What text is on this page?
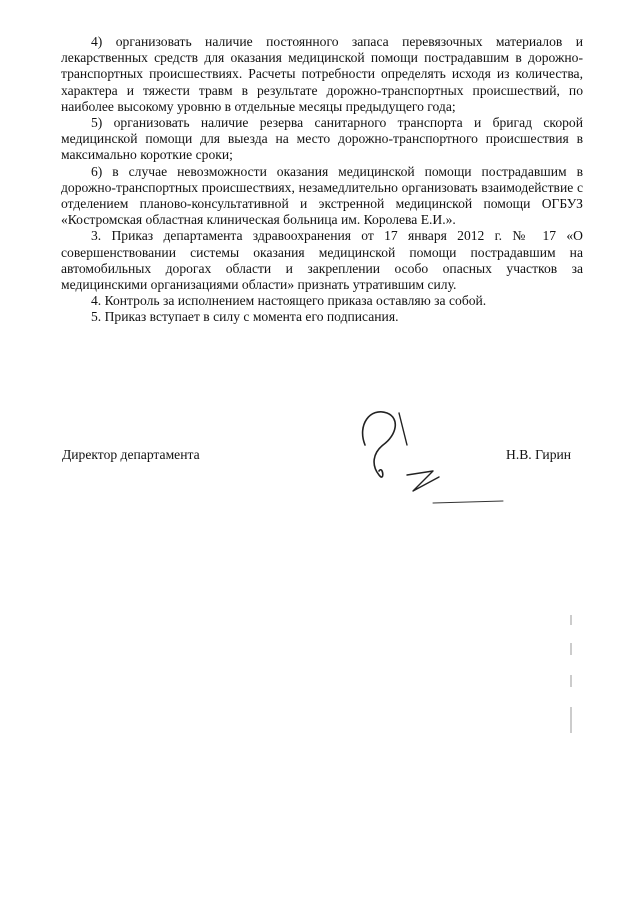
4) организовать наличие постоянного запаса перевязочных материалов и лекарственных средств для оказания медицинской помощи пострадавшим в дорожно-транспортных происшествиях. Расчеты потребности определять исходя из количества, характера и тяжести травм в результате дорожно-транспортных происшествий, по наиболее высокому уровню в отдельные месяцы предыдущего года;

5) организовать наличие резерва санитарного транспорта и бригад скорой медицинской помощи для выезда на место дорожно-транспортного происшествия в максимально короткие сроки;

6) в случае невозможности оказания медицинской помощи пострадавшим в дорожно-транспортных происшествиях, незамедлительно организовать взаимодействие с отделением планово-консультативной и экстренной медицинской помощи ОГБУЗ «Костромская областная клиническая больница им. Королева Е.И.».

3. Приказ департамента здравоохранения от 17 января 2012 г. № 17 «О совершенствовании системы оказания медицинской помощи пострадавшим на автомобильных дорогах области и закреплении особо опасных участков за медицинскими организациями области» признать утратившим силу.

4. Контроль за исполнением настоящего приказа оставляю за собой.

5. Приказ вступает в силу с момента его подписания.

Директор департамента	Н.В. Гирин
